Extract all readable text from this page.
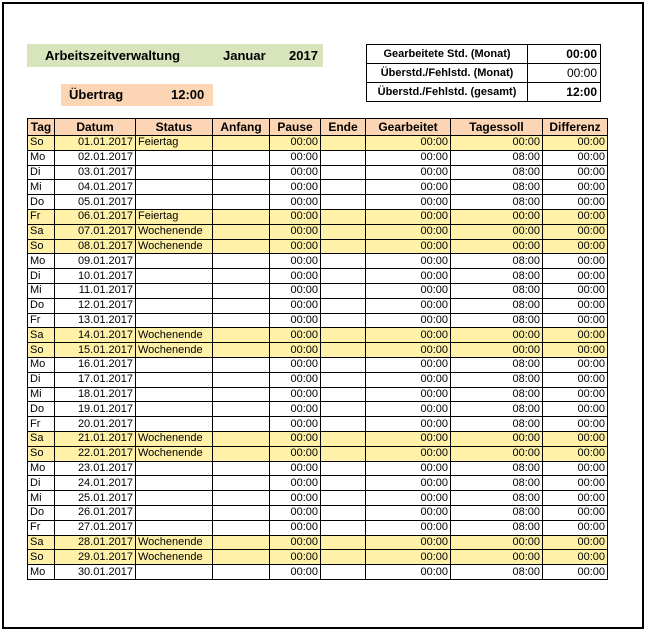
Arbeitszeitverwaltung	Januar 2017
Übertrag	12:00
Gearbeitete Std. (Monat)	00:00
Überstd./Fehlstd. (Monat)	00:00
Überstd./Fehlstd. (gesamt)	12:00
Tag	Datum	Status	Anfang	Pause	Ende	Gearbeitet	Tagessoll	Differenz
So	01.01.2017	Feiertag		00:00		00:00	00:00	00:00
Mo	02.01.2017			00:00		00:00	08:00	00:00
Di	03.01.2017			00:00		00:00	08:00	00:00
Mi	04.01.2017			00:00		00:00	08:00	00:00
Do	05.01.2017			00:00		00:00	08:00	00:00
Fr	06.01.2017	Feiertag		00:00		00:00	00:00	00:00
Sa	07.01.2017	Wochenende		00:00		00:00	00:00	00:00
So	08.01.2017	Wochenende		00:00		00:00	00:00	00:00
Mo	09.01.2017			00:00		00:00	08:00	00:00
Di	10.01.2017			00:00		00:00	08:00	00:00
Mi	11.01.2017			00:00		00:00	08:00	00:00
Do	12.01.2017			00:00		00:00	08:00	00:00
Fr	13.01.2017			00:00		00:00	08:00	00:00
Sa	14.01.2017	Wochenende		00:00		00:00	00:00	00:00
So	15.01.2017	Wochenende		00:00		00:00	00:00	00:00
Mo	16.01.2017			00:00		00:00	08:00	00:00
Di	17.01.2017			00:00		00:00	08:00	00:00
Mi	18.01.2017			00:00		00:00	08:00	00:00
Do	19.01.2017			00:00		00:00	08:00	00:00
Fr	20.01.2017			00:00		00:00	08:00	00:00
Sa	21.01.2017	Wochenende		00:00		00:00	00:00	00:00
So	22.01.2017	Wochenende		00:00		00:00	00:00	00:00
Mo	23.01.2017			00:00		00:00	08:00	00:00
Di	24.01.2017			00:00		00:00	08:00	00:00
Mi	25.01.2017			00:00		00:00	08:00	00:00
Do	26.01.2017			00:00		00:00	08:00	00:00
Fr	27.01.2017			00:00		00:00	08:00	00:00
Sa	28.01.2017	Wochenende		00:00		00:00	00:00	00:00
So	29.01.2017	Wochenende		00:00		00:00	00:00	00:00
Mo	30.01.2017			00:00		00:00	08:00	00:00
